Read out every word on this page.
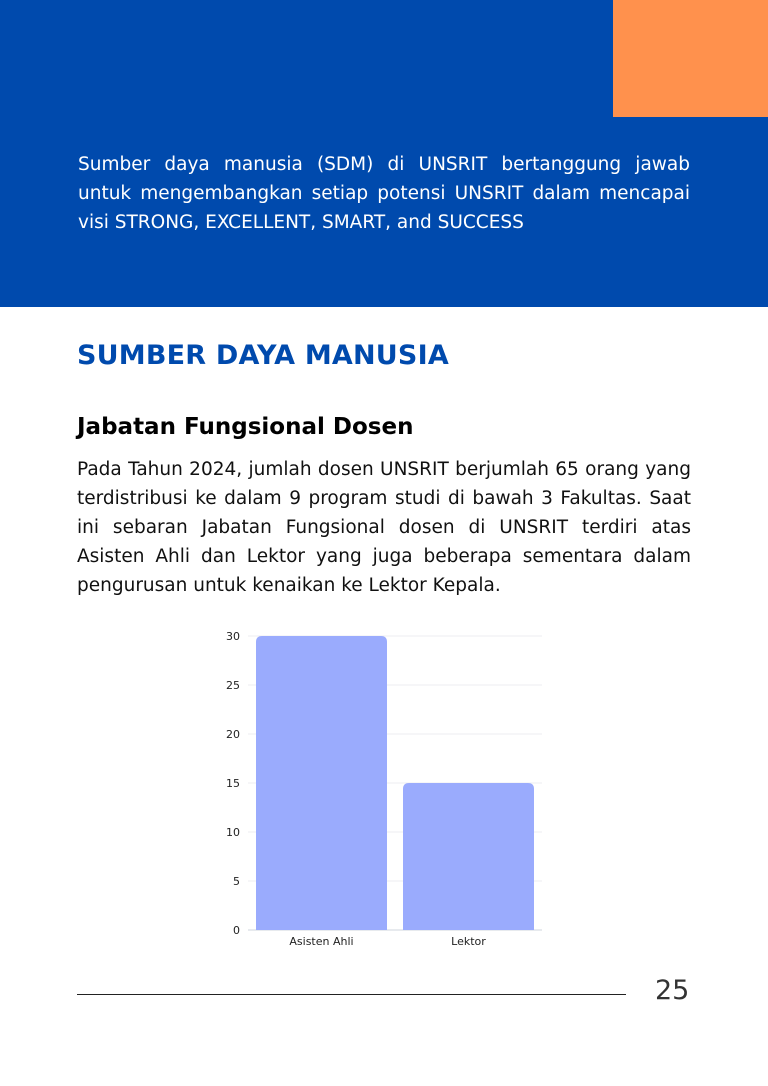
Sumber daya manusia (SDM) di UNSRIT bertanggung jawab untuk mengembangkan setiap potensi UNSRIT dalam mencapai visi STRONG, EXCELLENT, SMART, and SUCCESS

SUMBER DAYA MANUSIA
Jabatan Fungsional Dosen

Pada Tahun 2024, jumlah dosen UNSRIT berjumlah 65 orang yang terdistribusi ke dalam 9 program studi di bawah 3 Fakultas. Saat ini sebaran Jabatan Fungsional dosen di UNSRIT terdiri atas Asisten Ahli dan Lektor yang juga beberapa sementara dalam pengurusan untuk kenaikan ke Lektor Kepala.

0
5
10
15
20
25
30
Asisten Ahli	Lektor
25
